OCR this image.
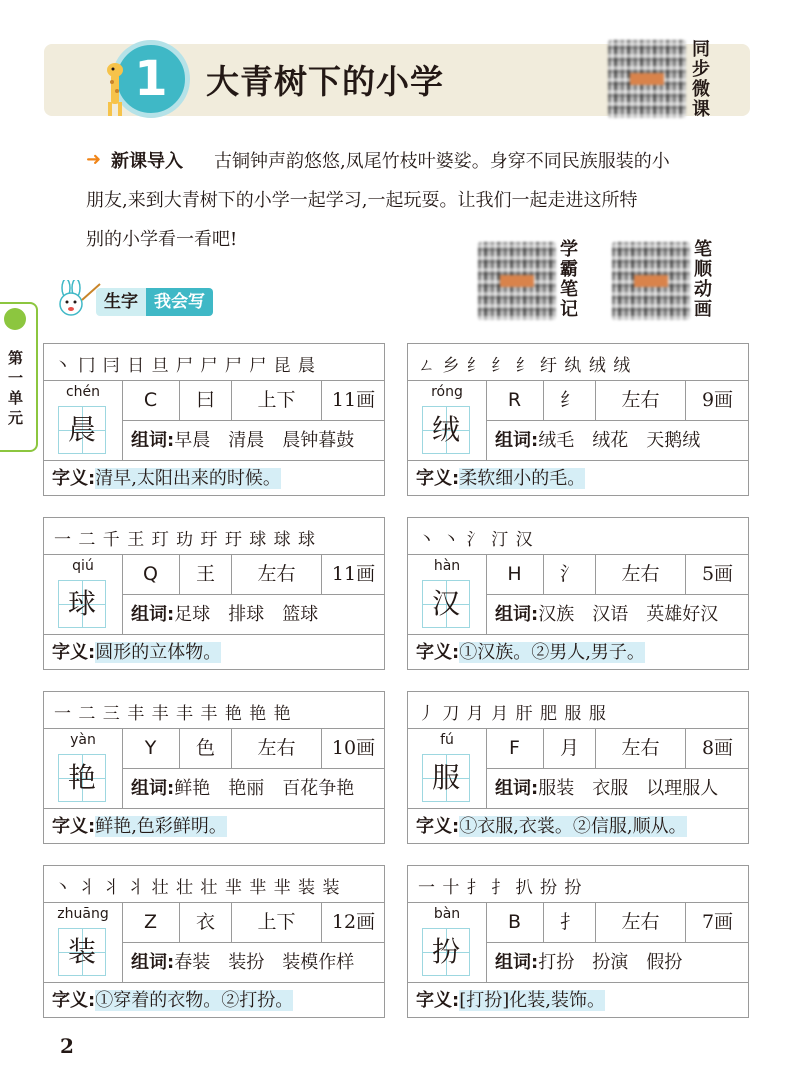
1	大青树下的小学
同步微课
学霸笔记
笔顺动画
➜ 新课导入 古铜钟声韵悠悠,凤尾竹枝叶婆娑。身穿不同民族服装的小
朋友,来到大青树下的小学一起学习,一起玩耍。让我们一起走进这所特
别的小学看一看吧!
生字 我会写
第
一
单
元
丶 冂 冃 日 旦 尸 尸 尸 尸 昆 晨
chén
晨
C	曰	上下	11画
组词:早晨　清晨　晨钟暮鼓
字义:清早,太阳出来的时候。
ㄥ 乡 纟 纟 纟 纡 纨 绒 绒
róng
绒
R	纟	左右	9画
组词:绒毛　绒花　天鹅绒
字义:柔软细小的毛。
一 二 千 王 玎 玏 玗 玗 球 球 球
qiú
球
Q	王	左右	11画
组词:足球　排球　篮球
字义:圆形的立体物。
丶 丶 氵 汀 汉
hàn
汉
H	氵	左右	5画
组词:汉族　汉语　英雄好汉
字义:①汉族。②男人,男子。
一 二 三 丰 丰 丰 丰 艳 艳 艳
yàn
艳
Y	色	左右	10画
组词:鲜艳　艳丽　百花争艳
字义:鲜艳,色彩鲜明。
丿 刀 月 月 肝 肥 服 服
fú
服
F	月	左右	8画
组词:服装　衣服　以理服人
字义:①衣服,衣裳。②信服,顺从。
丶 丬 丬 丬 壮 壮 壮 芈 芈 芈 装 装
zhuāng
装
Z	衣	上下	12画
组词:春装　装扮　装模作样
字义:①穿着的衣物。②打扮。
一 十 扌 扌 扒 扮 扮
bàn
扮
B	扌	左右	7画
组词:打扮　扮演　假扮
字义:[打扮]化装,装饰。
2
